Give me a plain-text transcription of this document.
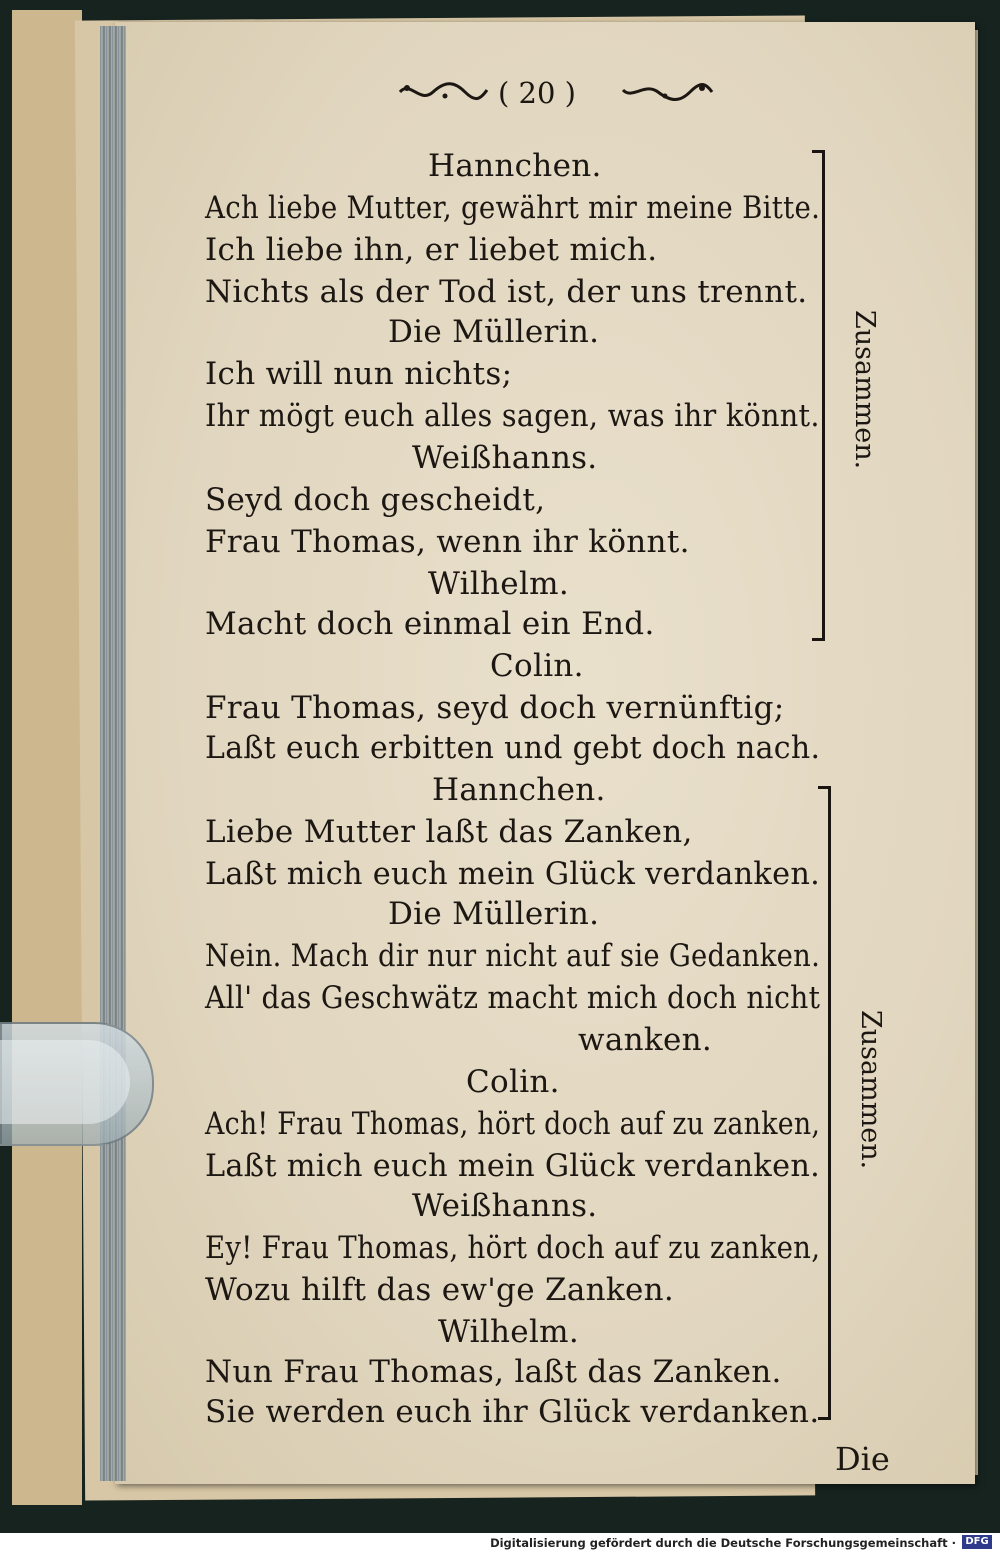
( 20 )
Hannchen.
Ach liebe Mutter, gewährt mir meine Bitte.
Ich liebe ihn, er liebet mich.
Nichts als der Tod ist, der uns trennt.
Die Müllerin.
Ich will nun nichts;
Ihr mögt euch alles sagen, was ihr könnt.
Weißhanns.
Seyd doch gescheidt,
Frau Thomas, wenn ihr könnt.
Wilhelm.
Macht doch einmal ein End.
Colin.
Frau Thomas, seyd doch vernünftig;
Laßt euch erbitten und gebt doch nach.
Hannchen.
Liebe Mutter laßt das Zanken,
Laßt mich euch mein Glück verdanken.
Die Müllerin.
Nein. Mach dir nur nicht auf sie Gedanken.
All' das Geschwätz macht mich doch nicht
wanken.
Colin.
Ach! Frau Thomas, hört doch auf zu zanken,
Laßt mich euch mein Glück verdanken.
Weißhanns.
Ey! Frau Thomas, hört doch auf zu zanken,
Wozu hilft das ew'ge Zanken.
Wilhelm.
Nun Frau Thomas, laßt das Zanken.
Sie werden euch ihr Glück verdanken.
Zusammen.
Zusammen.
Die
Digitalisierung gefördert durch die Deutsche Forschungsgemeinschaft · DFG
